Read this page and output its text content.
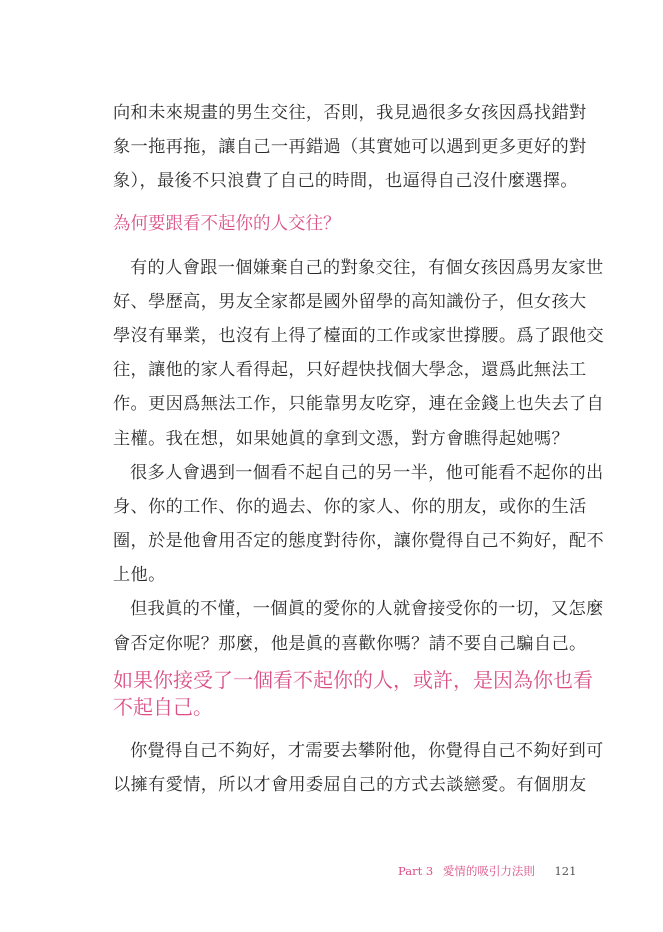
向和未來規畫的男生交往，否則，我見過很多女孩因爲找錯對
象一拖再拖，讓自己一再錯過（其實她可以遇到更多更好的對
象），最後不只浪費了自己的時間，也逼得自己沒什麼選擇。
為何要跟看不起你的人交往？
有的人會跟一個嫌棄自己的對象交往，有個女孩因爲男友家世
好、學歷高，男友全家都是國外留學的高知識份子，但女孩大
學沒有畢業，也沒有上得了檯面的工作或家世撐腰。爲了跟他交
往，讓他的家人看得起，只好趕快找個大學念，還爲此無法工
作。更因爲無法工作，只能靠男友吃穿，連在金錢上也失去了自
主權。我在想，如果她眞的拿到文憑，對方會瞧得起她嗎？
很多人會遇到一個看不起自己的另一半，他可能看不起你的出
身、你的工作、你的過去、你的家人、你的朋友，或你的生活
圈，於是他會用否定的態度對待你，讓你覺得自己不夠好，配不
上他。
但我眞的不懂，一個眞的愛你的人就會接受你的一切，又怎麼
會否定你呢？那麼，他是眞的喜歡你嗎？請不要自己騙自己。
如果你接受了一個看不起你的人，或許，是因為你也看
不起自己。
你覺得自己不夠好，才需要去攀附他，你覺得自己不夠好到可
以擁有愛情，所以才會用委屈自己的方式去談戀愛。有個朋友
Part 3 愛情的吸引力法則 121
